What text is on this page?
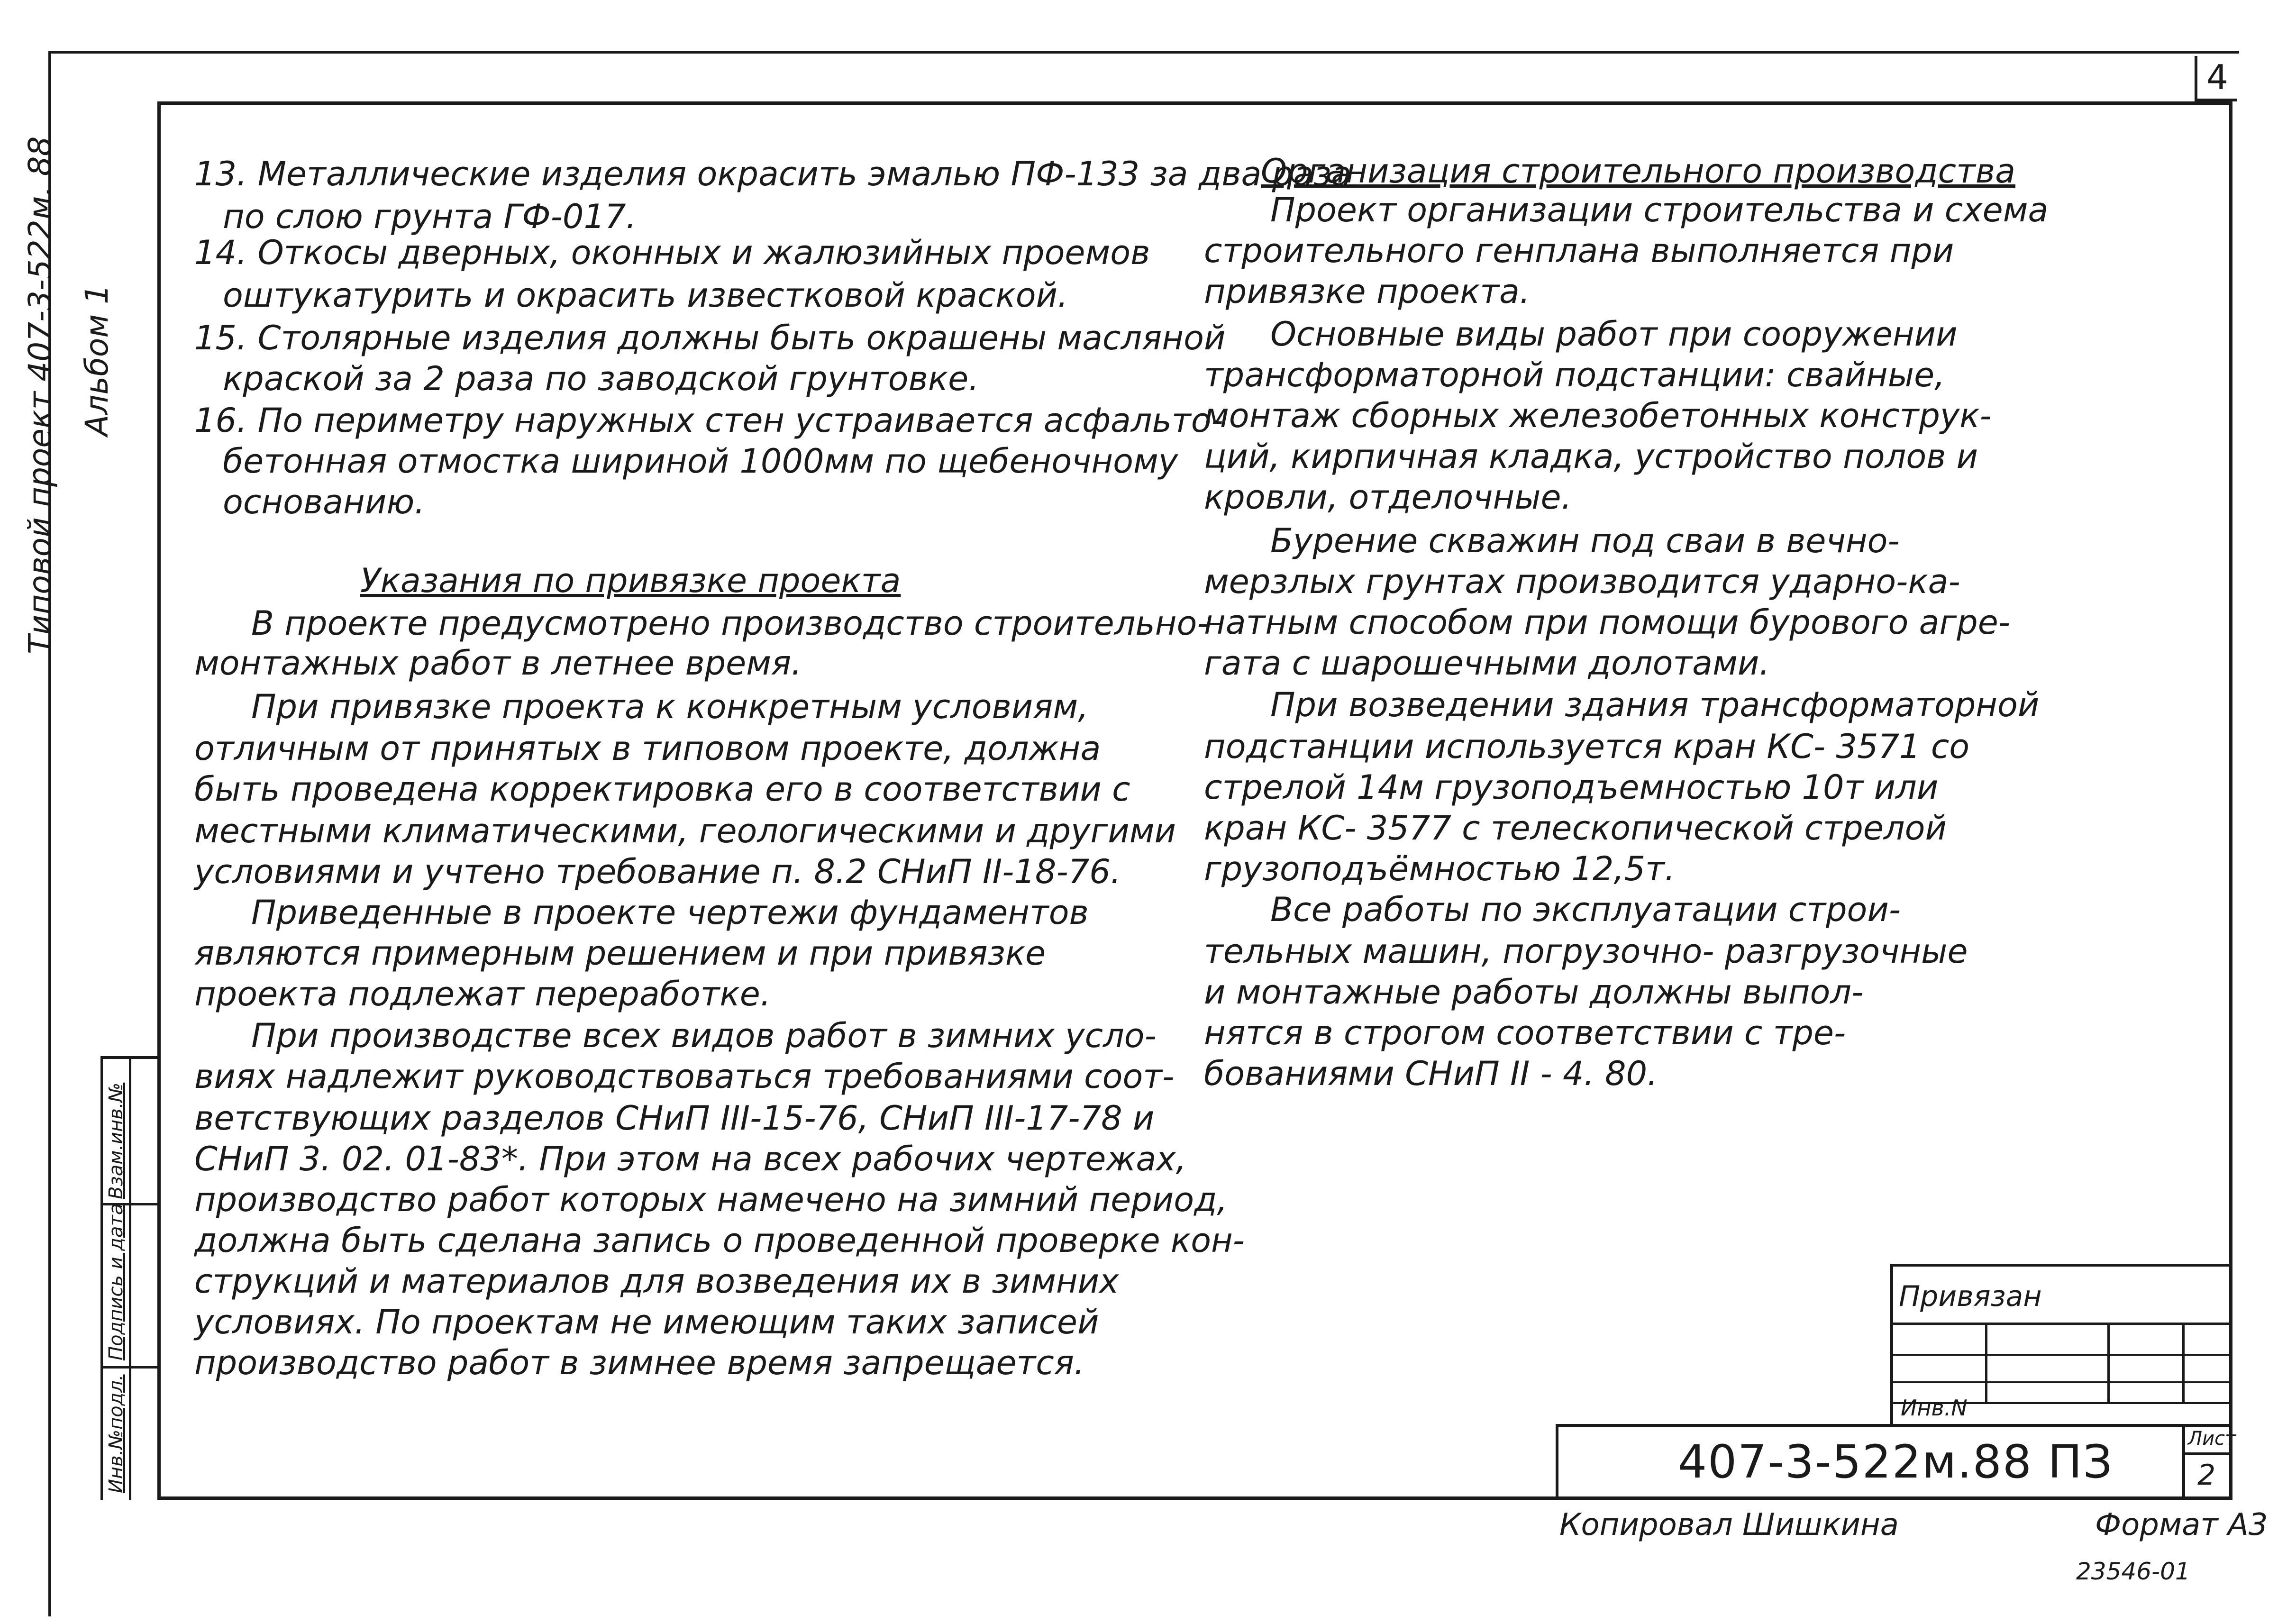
4
Типовой проект 407-3-522м. 88 Альбом 1
Инв.№подл.
Подпись и дата
Взам.инв.№
13. Металлические изделия окрасить эмалью ПФ-133 за два раза
по слою грунта ГФ-017.
14. Откосы дверных, оконных и жалюзийных проемов
оштукатурить и окрасить известковой краской.
15. Столярные изделия должны быть окрашены масляной
краской за 2 раза по заводской грунтовке.
16. По периметру наружных стен устраивается асфальто-
бетонная отмостка шириной 1000мм по щебеночному
основанию.
Указания по привязке проекта
В проекте предусмотрено производство строительно-
монтажных работ в летнее время.
При привязке проекта к конкретным условиям,
отличным от принятых в типовом проекте, должна
быть проведена корректировка его в соответствии с
местными климатическими, геологическими и другими
условиями и учтено требование п. 8.2 СНиП II-18-76.
Приведенные в проекте чертежи фундаментов
являются примерным решением и при привязке
проекта подлежат переработке.
При производстве всех видов работ в зимних усло-
виях надлежит руководствоваться требованиями соот-
ветствующих разделов СНиП III-15-76, СНиП III-17-78 и
СНиП 3. 02. 01-83*. При этом на всех рабочих чертежах,
производство работ которых намечено на зимний период,
должна быть сделана запись о проведенной проверке кон-
струкций и материалов для возведения их в зимних
условиях. По проектам не имеющим таких записей
производство работ в зимнее время запрещается.
Организация строительного производства
Проект организации строительства и схема
строительного генплана выполняется при
привязке проекта.
Основные виды работ при сооружении
трансформаторной подстанции: свайные,
монтаж сборных железобетонных конструк-
ций, кирпичная кладка, устройство полов и
кровли, отделочные.
Бурение скважин под сваи в вечно-
мерзлых грунтах производится ударно-ка-
натным способом при помощи бурового агре-
гата с шарошечными долотами.
При возведении здания трансформаторной
подстанции используется кран КС- 3571 со
стрелой 14м грузоподъемностью 10т или
кран КС- 3577 с телескопической стрелой
грузоподъёмностью 12,5т.
Все работы по эксплуатации строи-
тельных машин, погрузочно- разгрузочные
и монтажные работы должны выпол-
нятся в строгом соответствии с тре-
бованиями СНиП II - 4. 80.
Привязан
Инв.N
407-3-522м.88 ПЗ	Лист
2
Копировал Шишкина	Формат А3
23546-01
